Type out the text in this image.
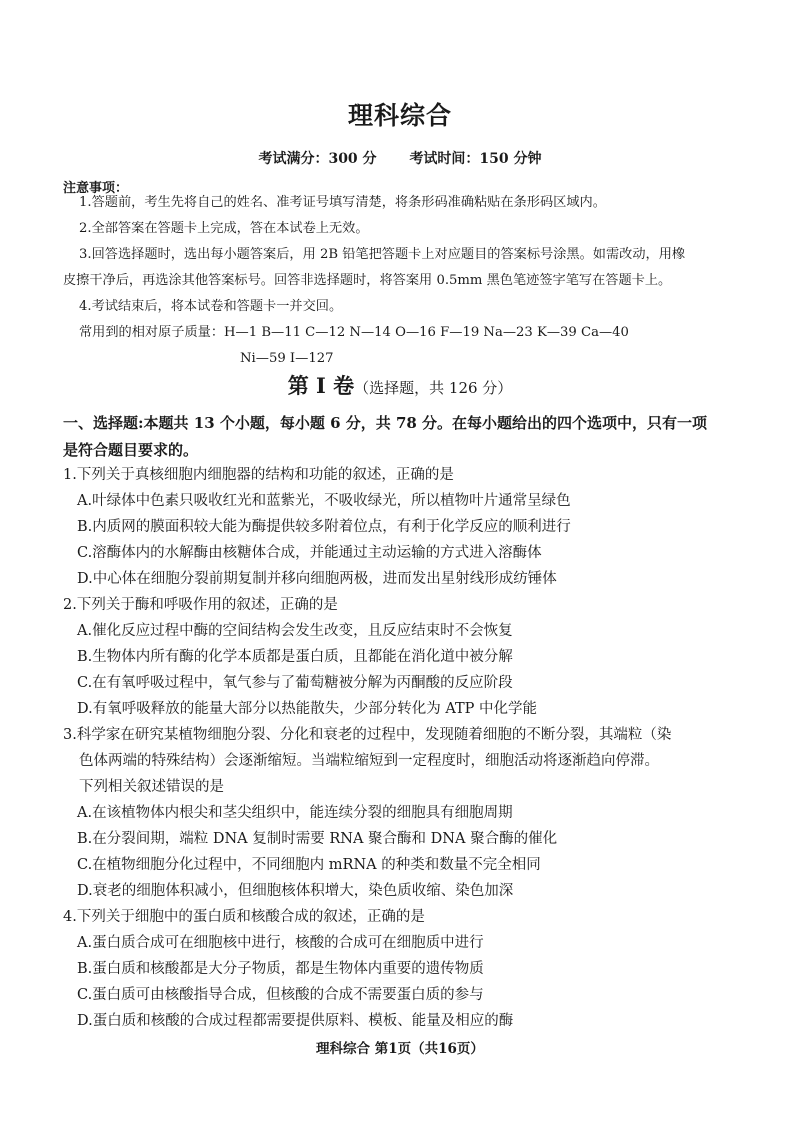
理科综合
考试满分：300 分 考试时间：150 分钟
注意事项：
1.答题前，考生先将自己的姓名、准考证号填写清楚，将条形码准确粘贴在条形码区域内。
2.全部答案在答题卡上完成，答在本试卷上无效。
3.回答选择题时，选出每小题答案后，用 2B 铅笔把答题卡上对应题目的答案标号涂黑。如需改动，用橡
皮擦干净后，再选涂其他答案标号。回答非选择题时，将答案用 0.5mm 黑色笔迹签字笔写在答题卡上。
4.考试结束后，将本试卷和答题卡一并交回。
常用到的相对原子质量：H—1 B—11 C—12 N—14 O—16 F—19 Na—23 K—39 Ca—40
Ni—59 I—127
第 I 卷（选择题，共 126 分）
一、选择题:本题共 13 个小题，每小题 6 分，共 78 分。在每小题给出的四个选项中，只有一项
是符合题目要求的。
1.下列关于真核细胞内细胞器的结构和功能的叙述，正确的是
A.叶绿体中色素只吸收红光和蓝紫光，不吸收绿光，所以植物叶片通常呈绿色
B.内质网的膜面积较大能为酶提供较多附着位点，有利于化学反应的顺利进行
C.溶酶体内的水解酶由核糖体合成，并能通过主动运输的方式进入溶酶体
D.中心体在细胞分裂前期复制并移向细胞两极，进而发出星射线形成纺锤体
2.下列关于酶和呼吸作用的叙述，正确的是
A.催化反应过程中酶的空间结构会发生改变，且反应结束时不会恢复
B.生物体内所有酶的化学本质都是蛋白质，且都能在消化道中被分解
C.在有氧呼吸过程中，氧气参与了葡萄糖被分解为丙酮酸的反应阶段
D.有氧呼吸释放的能量大部分以热能散失，少部分转化为 ATP 中化学能
3.科学家在研究某植物细胞分裂、分化和衰老的过程中，发现随着细胞的不断分裂，其端粒（染
色体两端的特殊结构）会逐渐缩短。当端粒缩短到一定程度时，细胞活动将逐渐趋向停滞。
下列相关叙述错误的是
A.在该植物体内根尖和茎尖组织中，能连续分裂的细胞具有细胞周期
B.在分裂间期，端粒 DNA 复制时需要 RNA 聚合酶和 DNA 聚合酶的催化
C.在植物细胞分化过程中，不同细胞内 mRNA 的种类和数量不完全相同
D.衰老的细胞体积减小，但细胞核体积增大，染色质收缩、染色加深
4.下列关于细胞中的蛋白质和核酸合成的叙述，正确的是
A.蛋白质合成可在细胞核中进行，核酸的合成可在细胞质中进行
B.蛋白质和核酸都是大分子物质，都是生物体内重要的遗传物质
C.蛋白质可由核酸指导合成，但核酸的合成不需要蛋白质的参与
D.蛋白质和核酸的合成过程都需要提供原料、模板、能量及相应的酶
理科综合 第1页（共16页）
